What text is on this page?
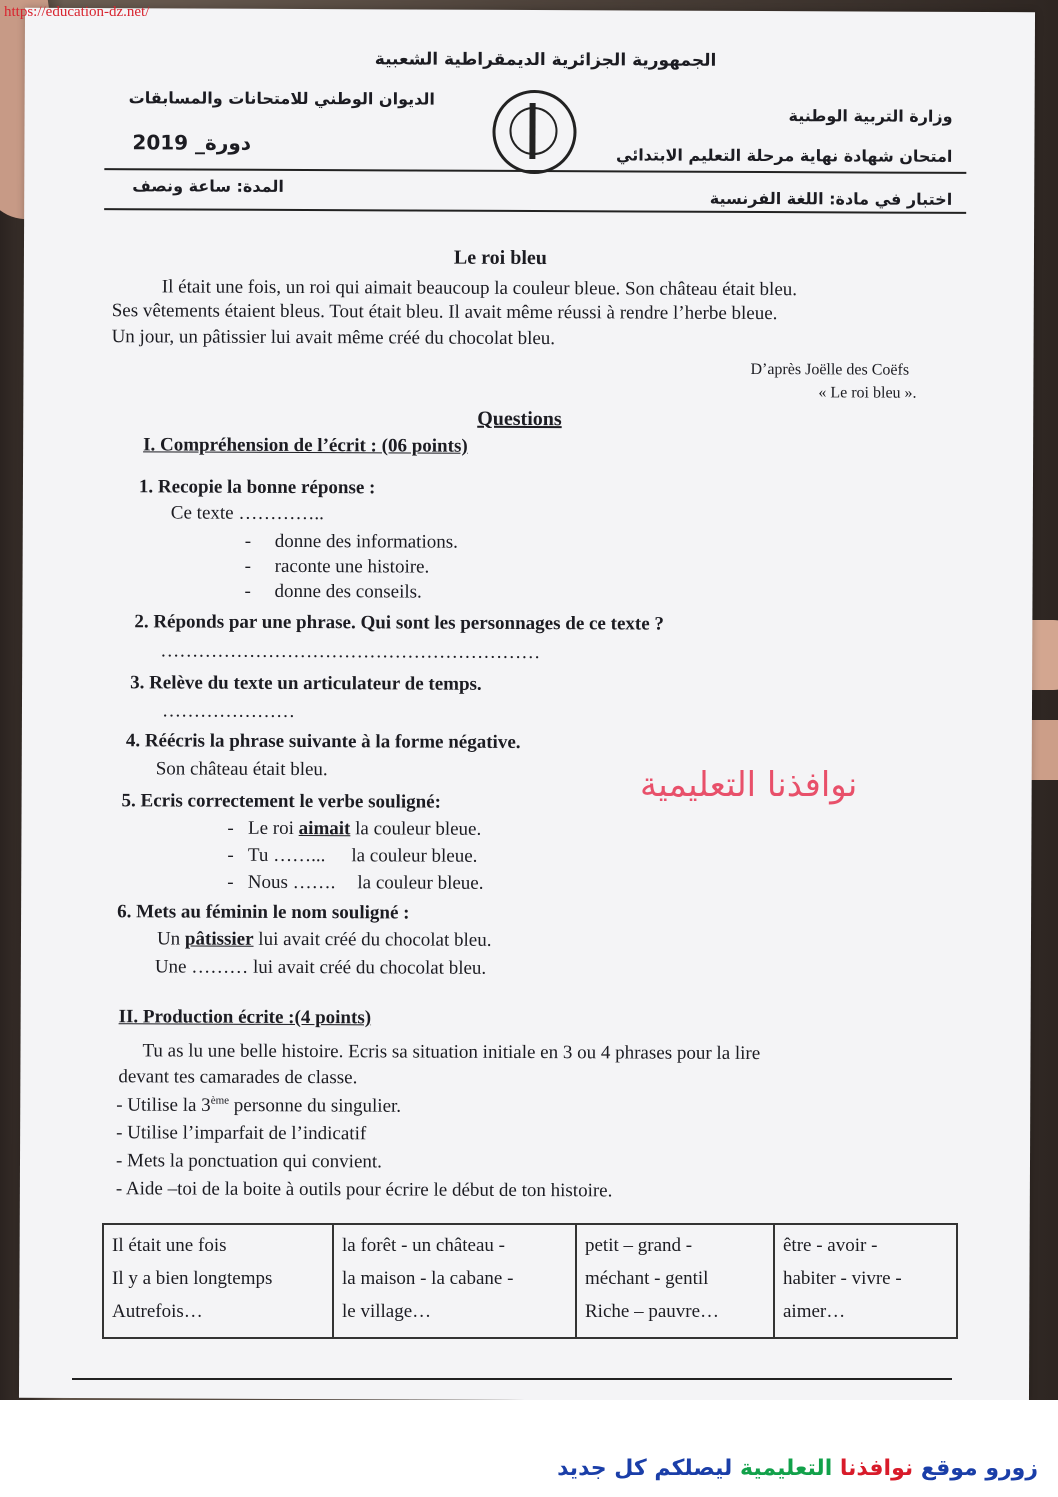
الجمهورية الجزائرية الديمقراطية الشعبية
وزارة التربية الوطنية
الديوان الوطني للامتحانات والمسابقات
دورة_ 2019
امتحان شهادة نهاية مرحلة التعليم الابتدائي
اختبار في مادة: اللغة الفرنسية
المدة: ساعة ونصف
Le roi bleu
Il était une fois, un roi qui aimait beaucoup la couleur bleue. Son château était bleu.
Ses vêtements étaient bleus. Tout était bleu. Il avait même réussi à rendre l’herbe bleue.
Un jour, un pâtissier lui avait même créé du chocolat bleu.
D’après Joëlle des Coëfs
« Le roi bleu ».
Questions
I. Compréhension de l’écrit : (06 points)
1. Recopie la bonne réponse :
Ce texte …………..
-     donne des informations.
-     raconte une histoire.
-     donne des conseils.
2. Réponds par une phrase. Qui sont les personnages de ce texte ?
……………………………………………………
3. Relève du texte un articulateur de temps.
…………………
4. Réécris la phrase suivante à la forme négative.
Son château était bleu.
5. Ecris correctement le verbe souligné:
-   Le roi aimait la couleur bleue.
-   Tu ……... la couleur bleue.
-   Nous ……. la couleur bleue.
6. Mets au féminin le nom souligné :
Un pâtissier lui avait créé du chocolat bleu.
Une ……… lui avait créé du chocolat bleu.
II. Production écrite :(4 points)
Tu as lu une belle histoire. Ecris sa situation initiale en 3 ou 4 phrases pour la lire
devant tes camarades de classe.
- Utilise la 3ème personne du singulier.
- Utilise l’imparfait de l’indicatif
- Mets la ponctuation qui convient.
- Aide –toi de la boite à outils pour écrire le début de ton histoire.
Il était une fois
Il y a bien longtemps
Autrefois…

la forêt - un château -
la maison - la cabane -
le village…

petit – grand -
méchant - gentil
Riche – pauvre…

être - avoir -
habiter - vivre -
aimer…
نوافذنا التعليمية
https://education-dz.net/
زورو موقع نوافذنا التعليمية ليصلكم كل جديد
